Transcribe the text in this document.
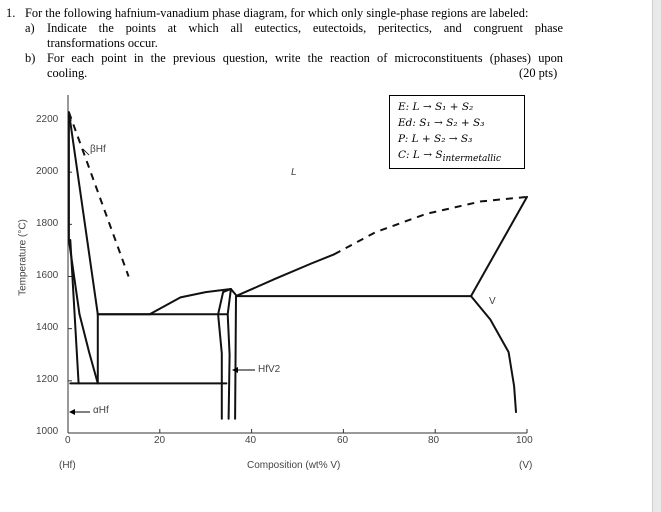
1. For the following hafnium-vanadium phase diagram, for which only single-phase regions are labeled:
a) Indicate the points at which all eutectics, eutectoids, peritectics, and congruent phase
transformations occur.
b) For each point in the previous question, write the reaction of microconstituents (phases) upon
cooling.	(20 pts)
2200
2000
1800
1600
1400
1200
1000
0	20	40	60	80	100
Temperature (°C)
Composition (wt% V)
(Hf)	(V)
βHf
L
HfV2
V
αHf
E: L → S₁ + S₂
Ed: S₁ → S₂ + S₃
P: L + S₂ → S₃
C: $L \to S_{intermetallic}$
